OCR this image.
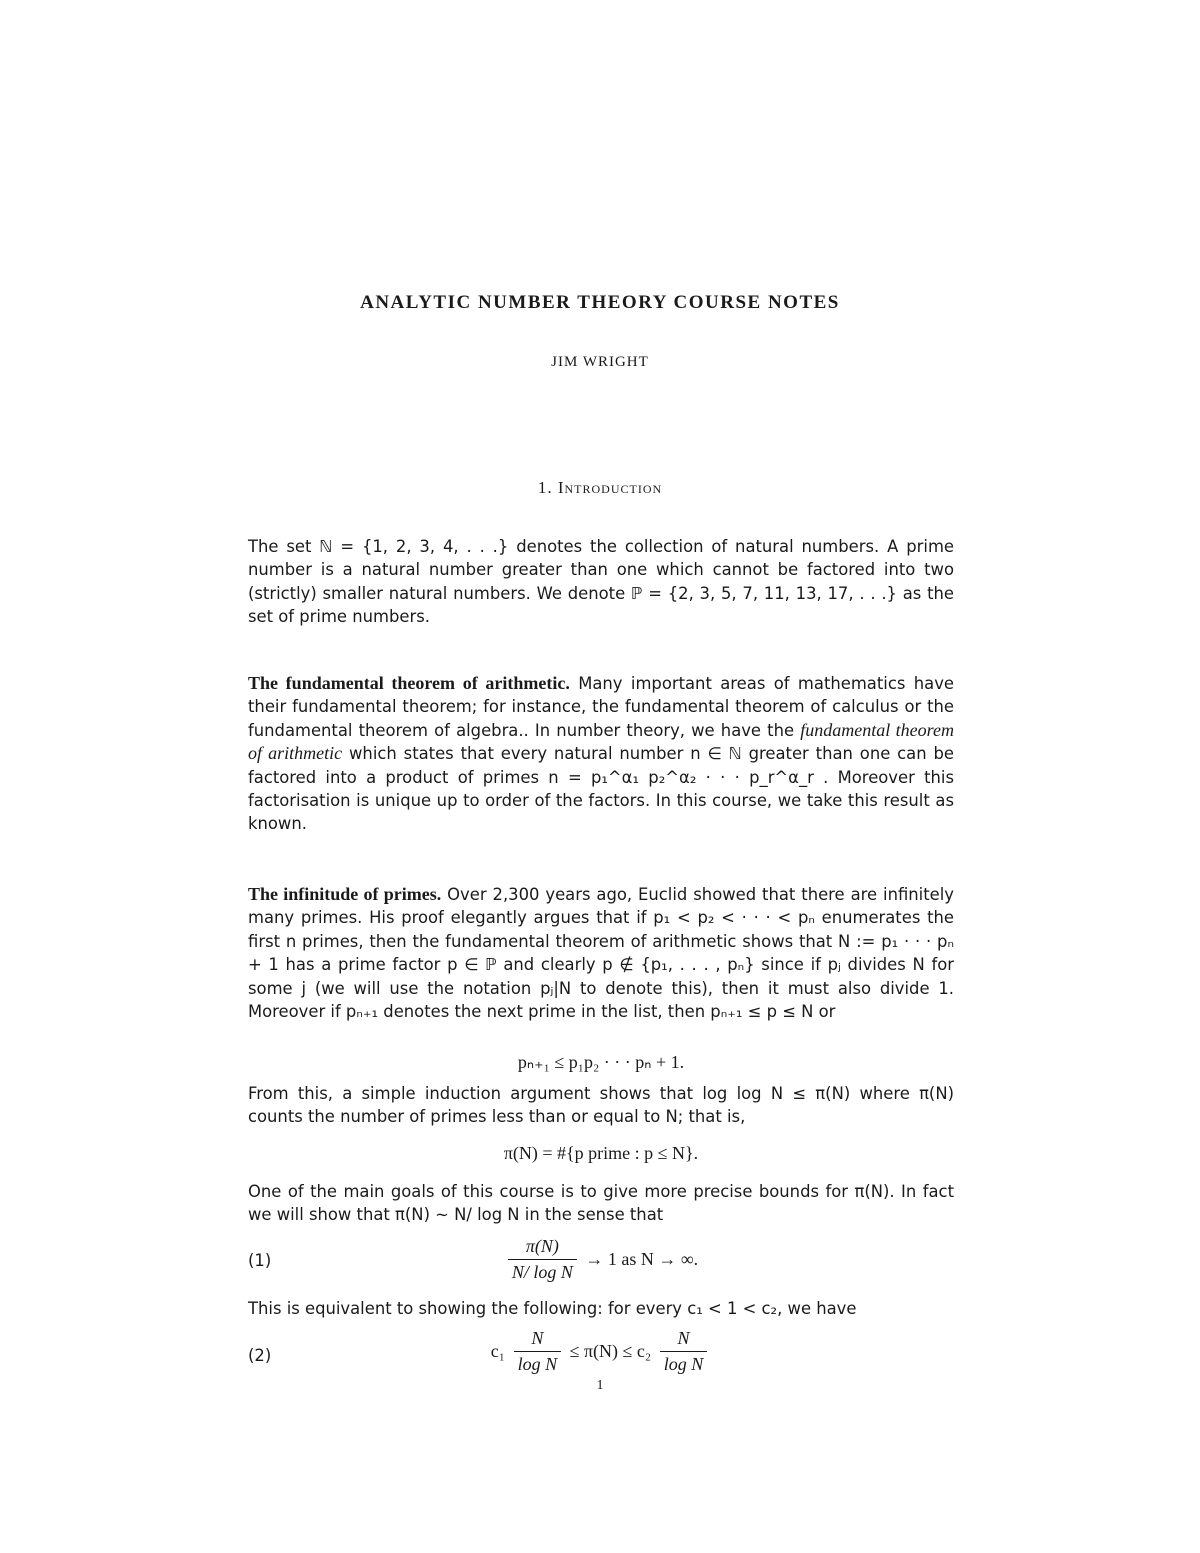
ANALYTIC NUMBER THEORY COURSE NOTES
JIM WRIGHT
1. Introduction
The set ℕ = {1, 2, 3, 4, . . .} denotes the collection of natural numbers. A prime number is a natural number greater than one which cannot be factored into two (strictly) smaller natural numbers. We denote ℙ = {2, 3, 5, 7, 11, 13, 17, . . .} as the set of prime numbers.
The fundamental theorem of arithmetic. Many important areas of mathematics have their fundamental theorem; for instance, the fundamental theorem of calculus or the fundamental theorem of algebra.. In number theory, we have the fundamental theorem of arithmetic which states that every natural number n ∈ ℕ greater than one can be factored into a product of primes n = p₁^α₁ p₂^α₂ · · · p_r^α_r . Moreover this factorisation is unique up to order of the factors. In this course, we take this result as known.
The infinitude of primes. Over 2,300 years ago, Euclid showed that there are infinitely many primes. His proof elegantly argues that if p₁ < p₂ < · · · < pₙ enumerates the first n primes, then the fundamental theorem of arithmetic shows that N := p₁ · · · pₙ + 1 has a prime factor p ∈ ℙ and clearly p ∉ {p₁, . . . , pₙ} since if pⱼ divides N for some j (we will use the notation pⱼ|N to denote this), then it must also divide 1. Moreover if pₙ₊₁ denotes the next prime in the list, then pₙ₊₁ ≤ p ≤ N or
pₙ₊₁ ≤ p₁p₂ · · · pₙ + 1.
From this, a simple induction argument shows that log log N ≤ π(N) where π(N) counts the number of primes less than or equal to N; that is,
π(N) = #{p prime : p ≤ N}.
One of the main goals of this course is to give more precise bounds for π(N). In fact we will show that π(N) ∼ N/ log N in the sense that
(1)	$\frac{\pi(N)}{\text{N/ log N}} \to 1$ as N → ∞.
This is equivalent to showing the following: for every c₁ < 1 < c₂, we have
(2)	$c_1 \frac{N}{\text{log N}} \le \pi(N) \le c_2 \frac{N}{\text{log N}}$
1
